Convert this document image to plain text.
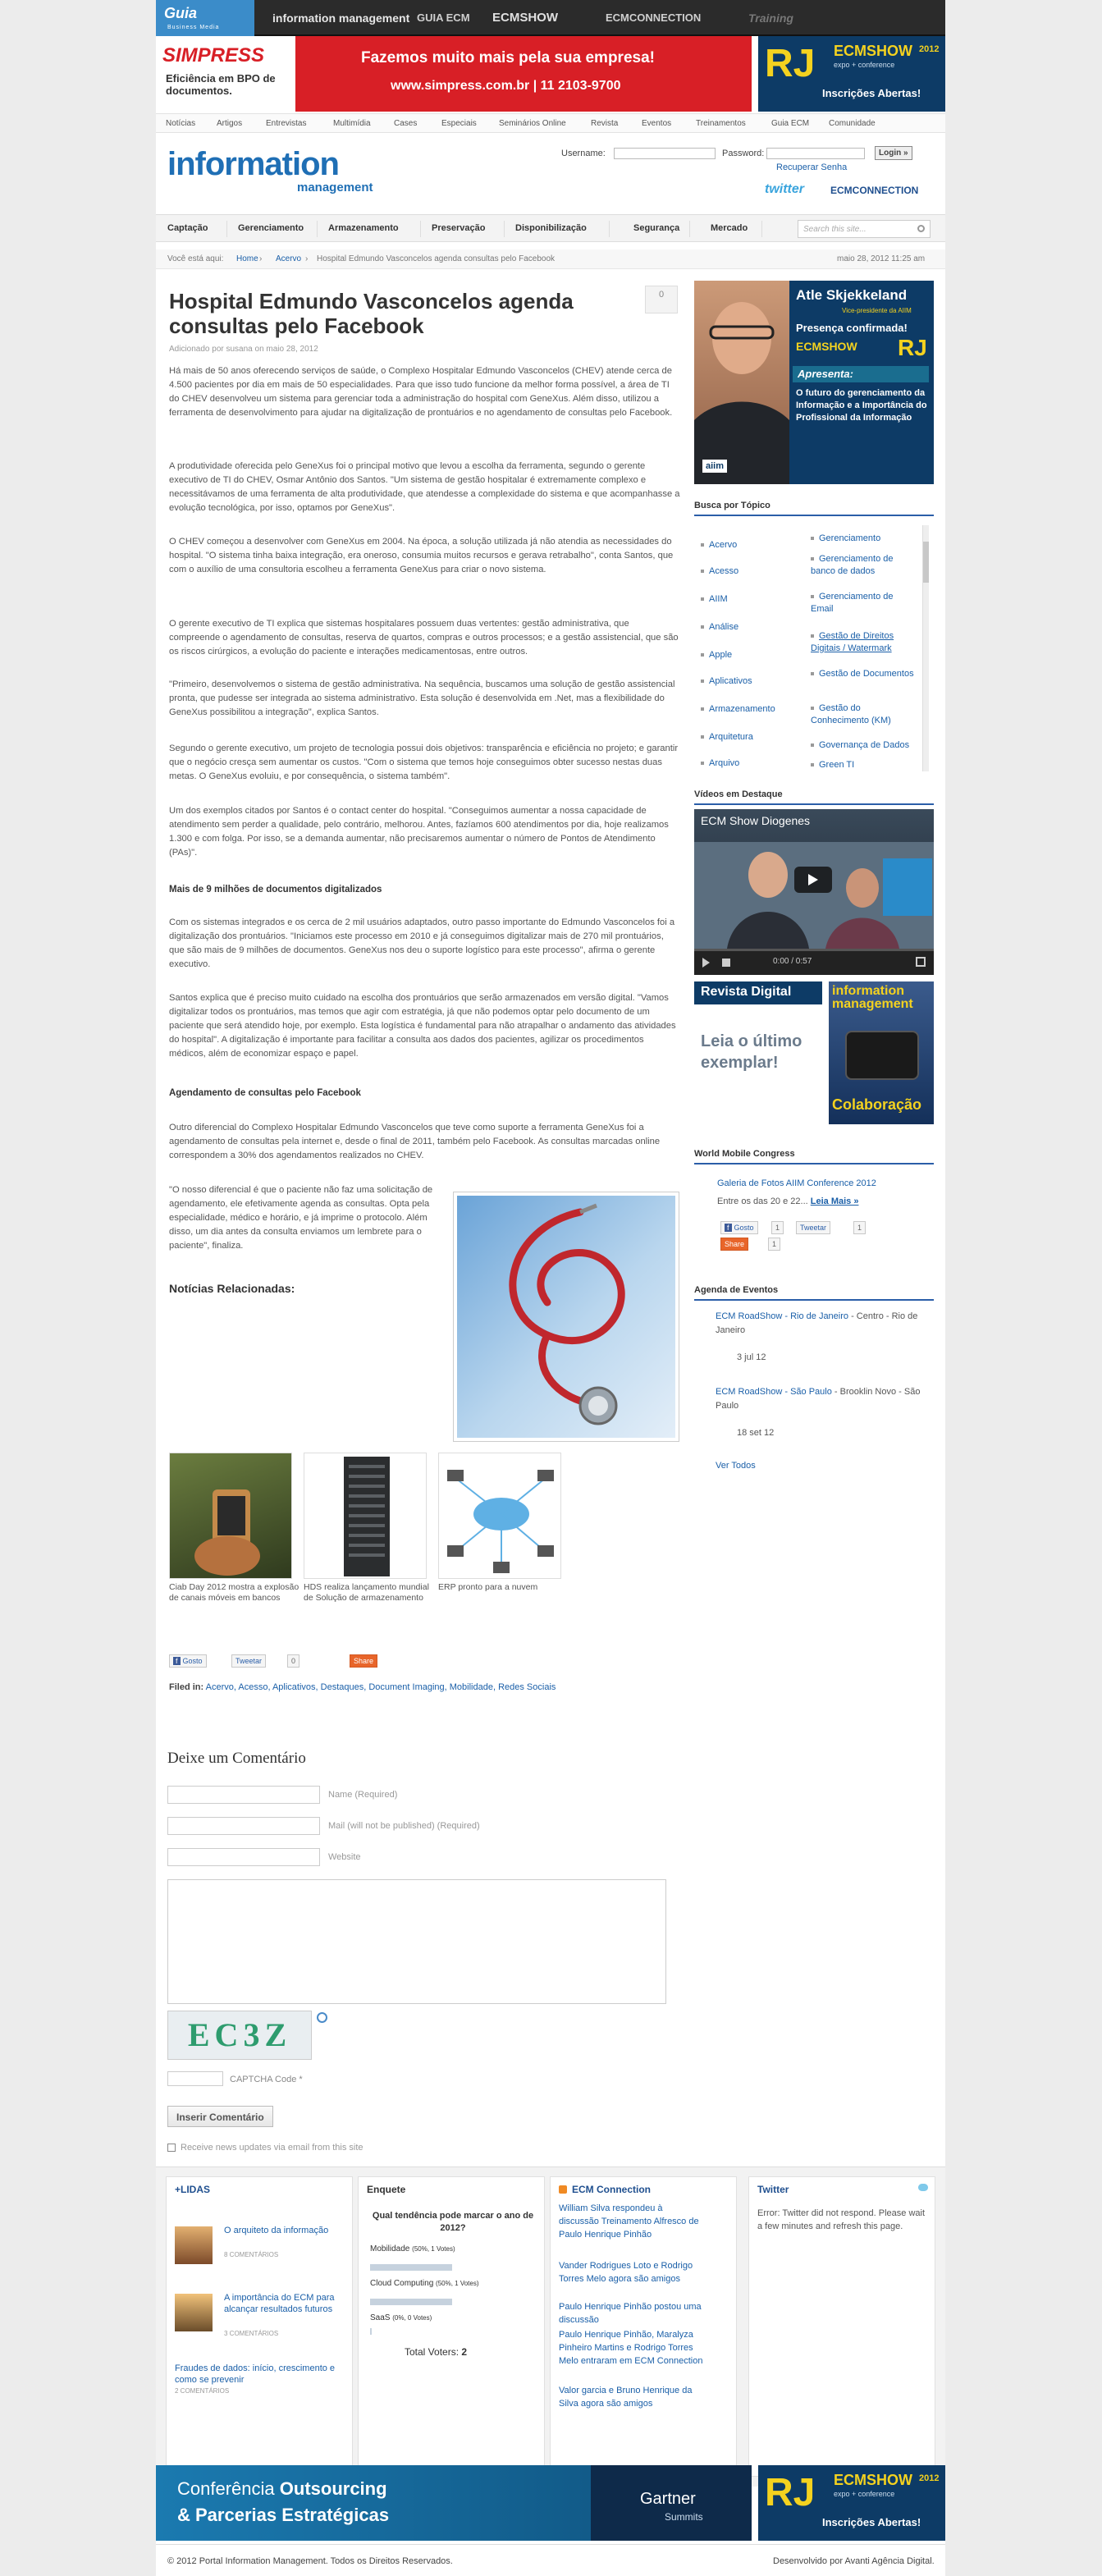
Guia
Business Media
information management GUIA ECM ECMSHOW	ECMCONNECTION	Training
SIMPRESS
Eficiência em BPO de documentos.
Fazemos muito mais pela sua empresa!
www.simpress.com.br | 11 2103-9700
RJ ECMSHOW
expo + conference
2012
Inscrições Abertas!
Notícias	Artigos	Entrevistas	Multimídia	Cases	Especiais	Seminários Online	Revista	Eventos	Treinamentos	Guia ECM Comunidade
information
management
Username:	Password:	Login »
Recuperar Senha
twitter	ECMCONNECTION
Captação	Gerenciamento	Armazenamento	Preservação	Disponibilização	Segurança	Mercado	Search this site...
Você está aqui: Home › Acervo › Hospital Edmundo Vasconcelos agenda consultas pelo Facebook	maio 28, 2012 11:25 am
Hospital Edmundo Vasconcelos agenda consultas pelo Facebook
0
Adicionado por susana on maio 28, 2012

Há mais de 50 anos oferecendo serviços de saúde, o Complexo Hospitalar Edmundo Vasconcelos (CHEV) atende cerca de 4.500 pacientes por dia em mais de 50 especialidades. Para que isso tudo funcione da melhor forma possível, a área de TI do CHEV desenvolveu um sistema para gerenciar toda a administração do hospital com GeneXus. Além disso, utilizou a ferramenta de desenvolvimento para ajudar na digitalização de prontuários e no agendamento de consultas pelo Facebook.

A produtividade oferecida pelo GeneXus foi o principal motivo que levou a escolha da ferramenta, segundo o gerente executivo de TI do CHEV, Osmar Antônio dos Santos. "Um sistema de gestão hospitalar é extremamente complexo e necessitávamos de uma ferramenta de alta produtividade, que atendesse a complexidade do sistema e que acompanhasse a evolução tecnológica, por isso, optamos por GeneXus".

O CHEV começou a desenvolver com GeneXus em 2004. Na época, a solução utilizada já não atendia as necessidades do hospital. "O sistema tinha baixa integração, era oneroso, consumia muitos recursos e gerava retrabalho", conta Santos, que com o auxílio de uma consultoria escolheu a ferramenta GeneXus para criar o novo sistema.

O gerente executivo de TI explica que sistemas hospitalares possuem duas vertentes: gestão administrativa, que compreende o agendamento de consultas, reserva de quartos, compras e outros processos; e a gestão assistencial, que são os riscos cirúrgicos, a evolução do paciente e interações medicamentosas, entre outros.

"Primeiro, desenvolvemos o sistema de gestão administrativa. Na sequência, buscamos uma solução de gestão assistencial pronta, que pudesse ser integrada ao sistema administrativo. Esta solução é desenvolvida em .Net, mas a flexibilidade do GeneXus possibilitou a integração", explica Santos.

Segundo o gerente executivo, um projeto de tecnologia possui dois objetivos: transparência e eficiência no projeto; e garantir que o negócio cresça sem aumentar os custos. "Com o sistema que temos hoje conseguimos obter sucesso nestas duas metas. O GeneXus evoluiu, e por consequência, o sistema também".

Um dos exemplos citados por Santos é o contact center do hospital. "Conseguimos aumentar a nossa capacidade de atendimento sem perder a qualidade, pelo contrário, melhorou. Antes, fazíamos 600 atendimentos por dia, hoje realizamos 1.300 e com folga. Por isso, se a demanda aumentar, não precisaremos aumentar o número de Pontos de Atendimento (PAs)".

Mais de 9 milhões de documentos digitalizados

Com os sistemas integrados e os cerca de 2 mil usuários adaptados, outro passo importante do Edmundo Vasconcelos foi a digitalização dos prontuários. "Iniciamos este processo em 2010 e já conseguimos digitalizar mais de 270 mil prontuários, que são mais de 9 milhões de documentos. GeneXus nos deu o suporte logístico para este processo", afirma o gerente executivo.

Santos explica que é preciso muito cuidado na escolha dos prontuários que serão armazenados em versão digital. "Vamos digitalizar todos os prontuários, mas temos que agir com estratégia, já que não podemos optar pelo documento de um paciente que será atendido hoje, por exemplo. Esta logística é fundamental para não atrapalhar o andamento das atividades do hospital". A digitalização é importante para facilitar a consulta aos dados dos pacientes, agilizar os procedimentos médicos, além de economizar espaço e papel.

Agendamento de consultas pelo Facebook

Outro diferencial do Complexo Hospitalar Edmundo Vasconcelos que teve como suporte a ferramenta GeneXus foi a agendamento de consultas pela internet e, desde o final de 2011, também pelo Facebook. As consultas marcadas online correspondem a 30% dos agendamentos realizados no CHEV.

"O nosso diferencial é que o paciente não faz uma solicitação de agendamento, ele efetivamente agenda as consultas. Opta pela especialidade, médico e horário, e já imprime o protocolo. Além disso, um dia antes da consulta enviamos um lembrete para o paciente", finaliza.

Notícias Relacionadas:

Ciab Day 2012 mostra a explosão de canais móveis em bancos

HDS realiza lançamento mundial de Solução de armazenamento

ERP pronto para a nuvem

f Gosto	Tweetar	0	Share
Filed in: Acervo, Acesso, Aplicativos, Destaques, Document Imaging, Mobilidade, Redes Sociais
Deixe um Comentário
Name (Required)
Mail (will not be published) (Required)
Website
EC3Z
CAPTCHA Code *
Inserir Comentário
Receive news updates via email from this site
aiim
Atle Skjekkeland
Vice-presidente da AIIM
Presença confirmada!
ECMSHOW RJ
Apresenta:
O futuro do gerenciamento da Informação e a Importância do Profissional da Informação
Busca por Tópico
Acervo
Acesso
AIIM
Análise
Apple
Aplicativos
Armazenamento
Arquitetura
Arquivo
Gerenciamento
Gerenciamento de banco de dados
Gerenciamento de Email
Gestão de Direitos Digitais / Watermark
Gestão de Documentos
Gestão do Conhecimento (KM)
Governança de Dados
Green TI
Vídeos em Destaque
ECM Show Diogenes
0:00 / 0:57
Revista Digital
Leia o último exemplar!
information management
Colaboração
World Mobile Congress
Galeria de Fotos AIIM Conference 2012
Entre os das 20 e 22... Leia Mais »
f Gosto	1	Tweetar	1
Share	1
Agenda de Eventos
ECM RoadShow - Rio de Janeiro - Centro - Rio de Janeiro
3 jul 12
ECM RoadShow - São Paulo - Brooklin Novo - São Paulo
18 set 12
Ver Todos
+LIDAS
O arquiteto da informação
8 COMENTÁRIOS
A importância do ECM para alcançar resultados futuros
3 COMENTÁRIOS
Fraudes de dados: início, crescimento e como se prevenir
2 COMENTÁRIOS
Enquete
Qual tendência pode marcar o ano de 2012?
Mobilidade (50%, 1 Votes)
Cloud Computing (50%, 1 Votes)
SaaS (0%, 0 Votes)
Total Voters: 2
ECM Connection
William Silva respondeu à discussão Treinamento Alfresco de Paulo Henrique Pinhão
Vander Rodrigues Loto e Rodrigo Torres Melo agora são amigos
Paulo Henrique Pinhão postou uma discussão
Paulo Henrique Pinhão, Maralyza Pinheiro Martins e Rodrigo Torres Melo entraram em ECM Connection
Valor garcia e Bruno Henrique da Silva agora são amigos
Twitter
Error: Twitter did not respond. Please wait a few minutes and refresh this page.
Conferência Outsourcing
& Parcerias Estratégicas
Gartner
Summits
RJ ECMSHOW
expo + conference
2012
Inscrições Abertas!
© 2012 Portal Information Management. Todos os Direitos Reservados.	Desenvolvido por Avanti Agência Digital.
